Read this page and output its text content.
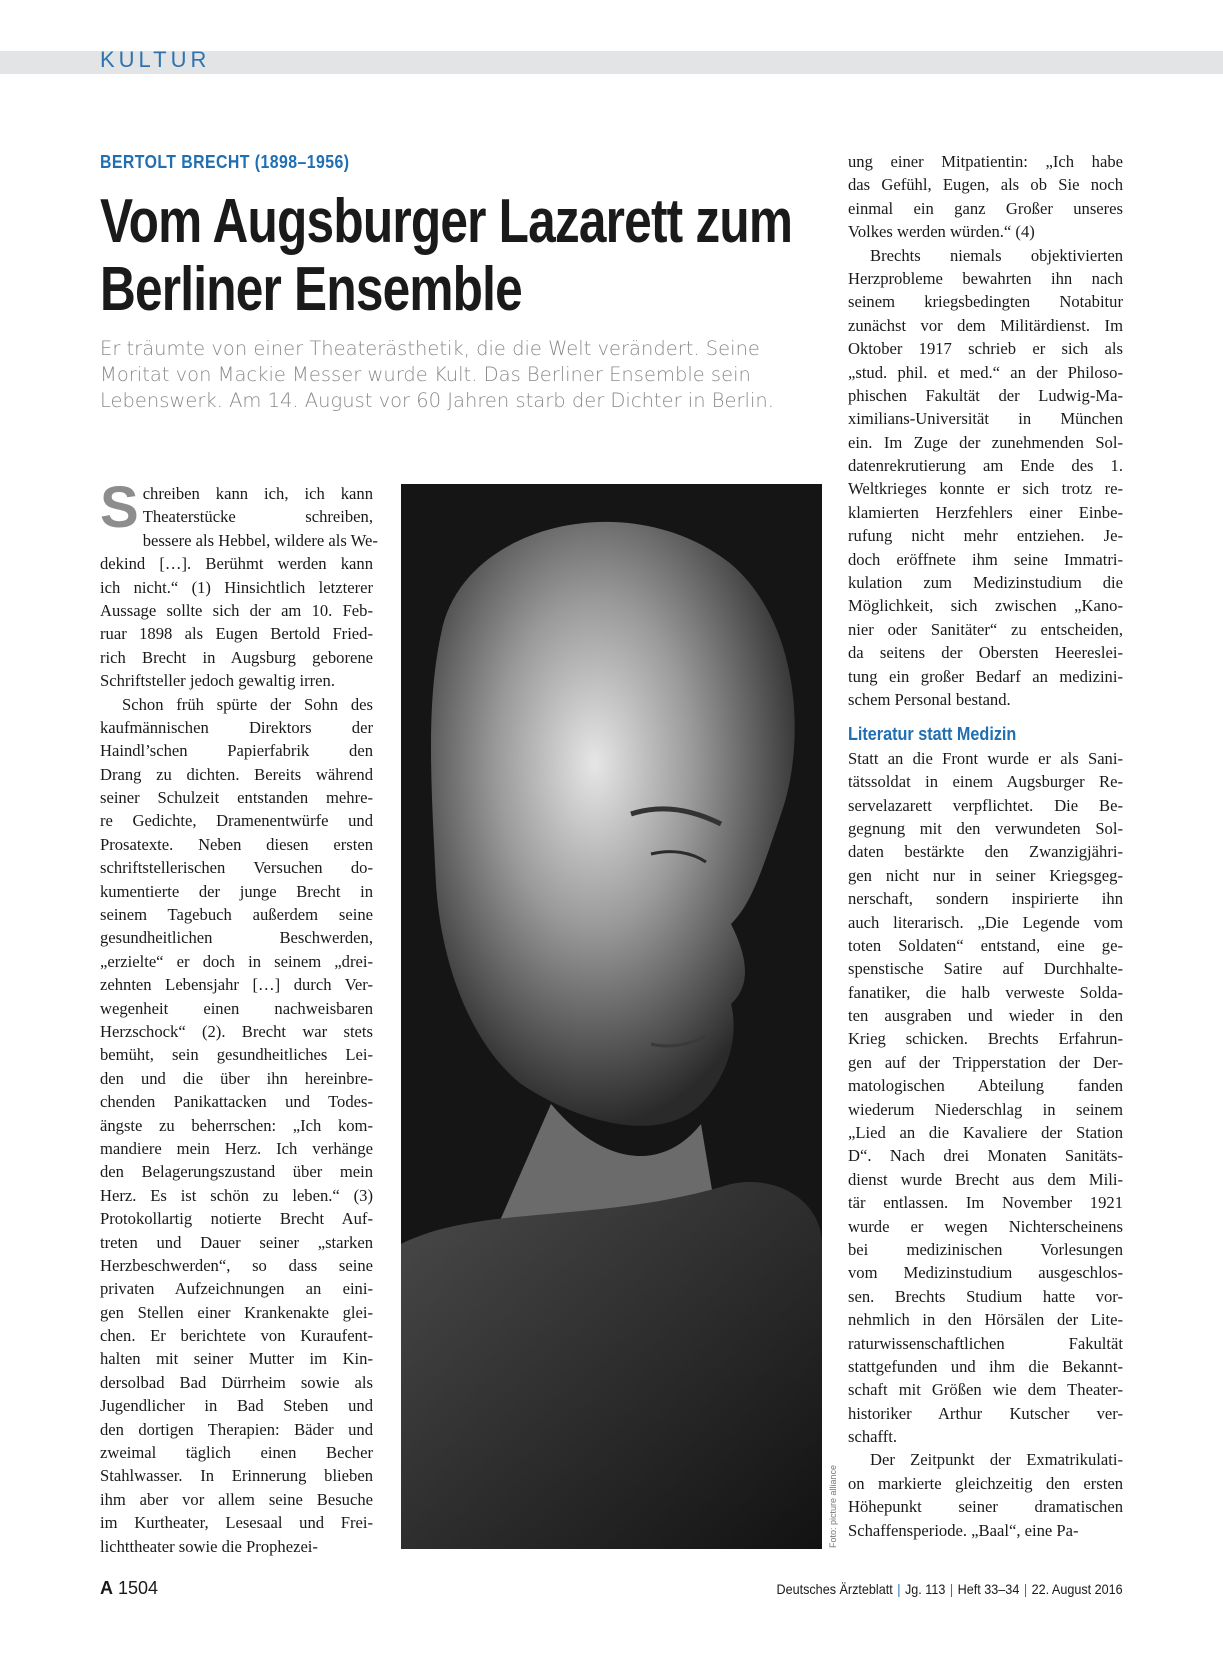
KULTUR
BERTOLT BRECHT (1898–1956)
Vom Augsburger Lazarett zum
Berliner Ensemble

Er träumte von einer Theaterästhetik, die die Welt verändert. Seine
Moritat von Mackie Messer wurde Kult. Das Berliner Ensemble sein
Lebenswerk. Am 14. August vor 60 Jahren starb der Dichter in Berlin.

S chreiben kann ich, ich kann
Theaterstücke schreiben,
bessere als Hebbel, wildere als We-
dekind […]. Berühmt werden kann
ich nicht.“ (1) Hinsichtlich letzterer
Aussage sollte sich der am 10. Feb-
ruar 1898 als Eugen Bertold Fried-
rich Brecht in Augsburg geborene
Schriftsteller jedoch gewaltig irren.
Schon früh spürte der Sohn des
kaufmännischen Direktors der
Haindl’schen Papierfabrik den
Drang zu dichten. Bereits während
seiner Schulzeit entstanden mehre-
re Gedichte, Dramenentwürfe und
Prosatexte. Neben diesen ersten
schriftstellerischen Versuchen do-
kumentierte der junge Brecht in
seinem Tagebuch außerdem seine
gesundheitlichen Beschwerden,
„erzielte“ er doch in seinem „drei-
zehnten Lebensjahr […] durch Ver-
wegenheit einen nachweisbaren
Herzschock“ (2). Brecht war stets
bemüht, sein gesundheitliches Lei-
den und die über ihn hereinbre-
chenden Panikattacken und Todes-
ängste zu beherrschen: „Ich kom-
mandiere mein Herz. Ich verhänge
den Belagerungszustand über mein
Herz. Es ist schön zu leben.“ (3)
Protokollartig notierte Brecht Auf-
treten und Dauer seiner „starken
Herzbeschwerden“, so dass seine
privaten Aufzeichnungen an eini-
gen Stellen einer Krankenakte glei-
chen. Er berichtete von Kuraufent-
halten mit seiner Mutter im Kin-
dersolbad Bad Dürrheim sowie als
Jugendlicher in Bad Steben und
den dortigen Therapien: Bäder und
zweimal täglich einen Becher
Stahlwasser. In Erinnerung blieben
ihm aber vor allem seine Besuche
im Kurtheater, Lesesaal und Frei-
lichttheater sowie die Prophezei-	Foto: picture alliance
ung einer Mitpatientin: „Ich habe
das Gefühl, Eugen, als ob Sie noch
einmal ein ganz Großer unseres
Volkes werden würden.“ (4)
Brechts niemals objektivierten
Herzprobleme bewahrten ihn nach
seinem kriegsbedingten Notabitur
zunächst vor dem Militärdienst. Im
Oktober 1917 schrieb er sich als
„stud. phil. et med.“ an der Philoso-
phischen Fakultät der Ludwig-Ma-
ximilians-Universität in München
ein. Im Zuge der zunehmenden Sol-
datenrekrutierung am Ende des 1.
Weltkrieges konnte er sich trotz re-
klamierten Herzfehlers einer Einbe-
rufung nicht mehr entziehen. Je-
doch eröffnete ihm seine Immatri-
kulation zum Medizinstudium die
Möglichkeit, sich zwischen „Kano-
nier oder Sanitäter“ zu entscheiden,
da seitens der Obersten Heereslei-
tung ein großer Bedarf an medizini-
schem Personal bestand.
Literatur statt Medizin
Statt an die Front wurde er als Sani-
tätssoldat in einem Augsburger Re-
servelazarett verpflichtet. Die Be-
gegnung mit den verwundeten Sol-
daten bestärkte den Zwanzigjähri-
gen nicht nur in seiner Kriegsgeg-
nerschaft, sondern inspirierte ihn
auch literarisch. „Die Legende vom
toten Soldaten“ entstand, eine ge-
spenstische Satire auf Durchhalte-
fanatiker, die halb verweste Solda-
ten ausgraben und wieder in den
Krieg schicken. Brechts Erfahrun-
gen auf der Tripperstation der Der-
matologischen Abteilung fanden
wiederum Niederschlag in seinem
„Lied an die Kavaliere der Station
D“. Nach drei Monaten Sanitäts-
dienst wurde Brecht aus dem Mili-
tär entlassen. Im November 1921
wurde er wegen Nichterscheinens
bei medizinischen Vorlesungen
vom Medizinstudium ausgeschlos-
sen. Brechts Studium hatte vor-
nehmlich in den Hörsälen der Lite-
raturwissenschaftlichen Fakultät
stattgefunden und ihm die Bekannt-
schaft mit Größen wie dem Theater-
historiker Arthur Kutscher ver-
schafft.
Der Zeitpunkt der Exmatrikulati-
on markierte gleichzeitig den ersten
Höhepunkt seiner dramatischen
Schaffensperiode. „Baal“, eine Pa-
A 1504	Deutsches Ärzteblatt | Jg. 113 | Heft 33–34 | 22. August 2016
